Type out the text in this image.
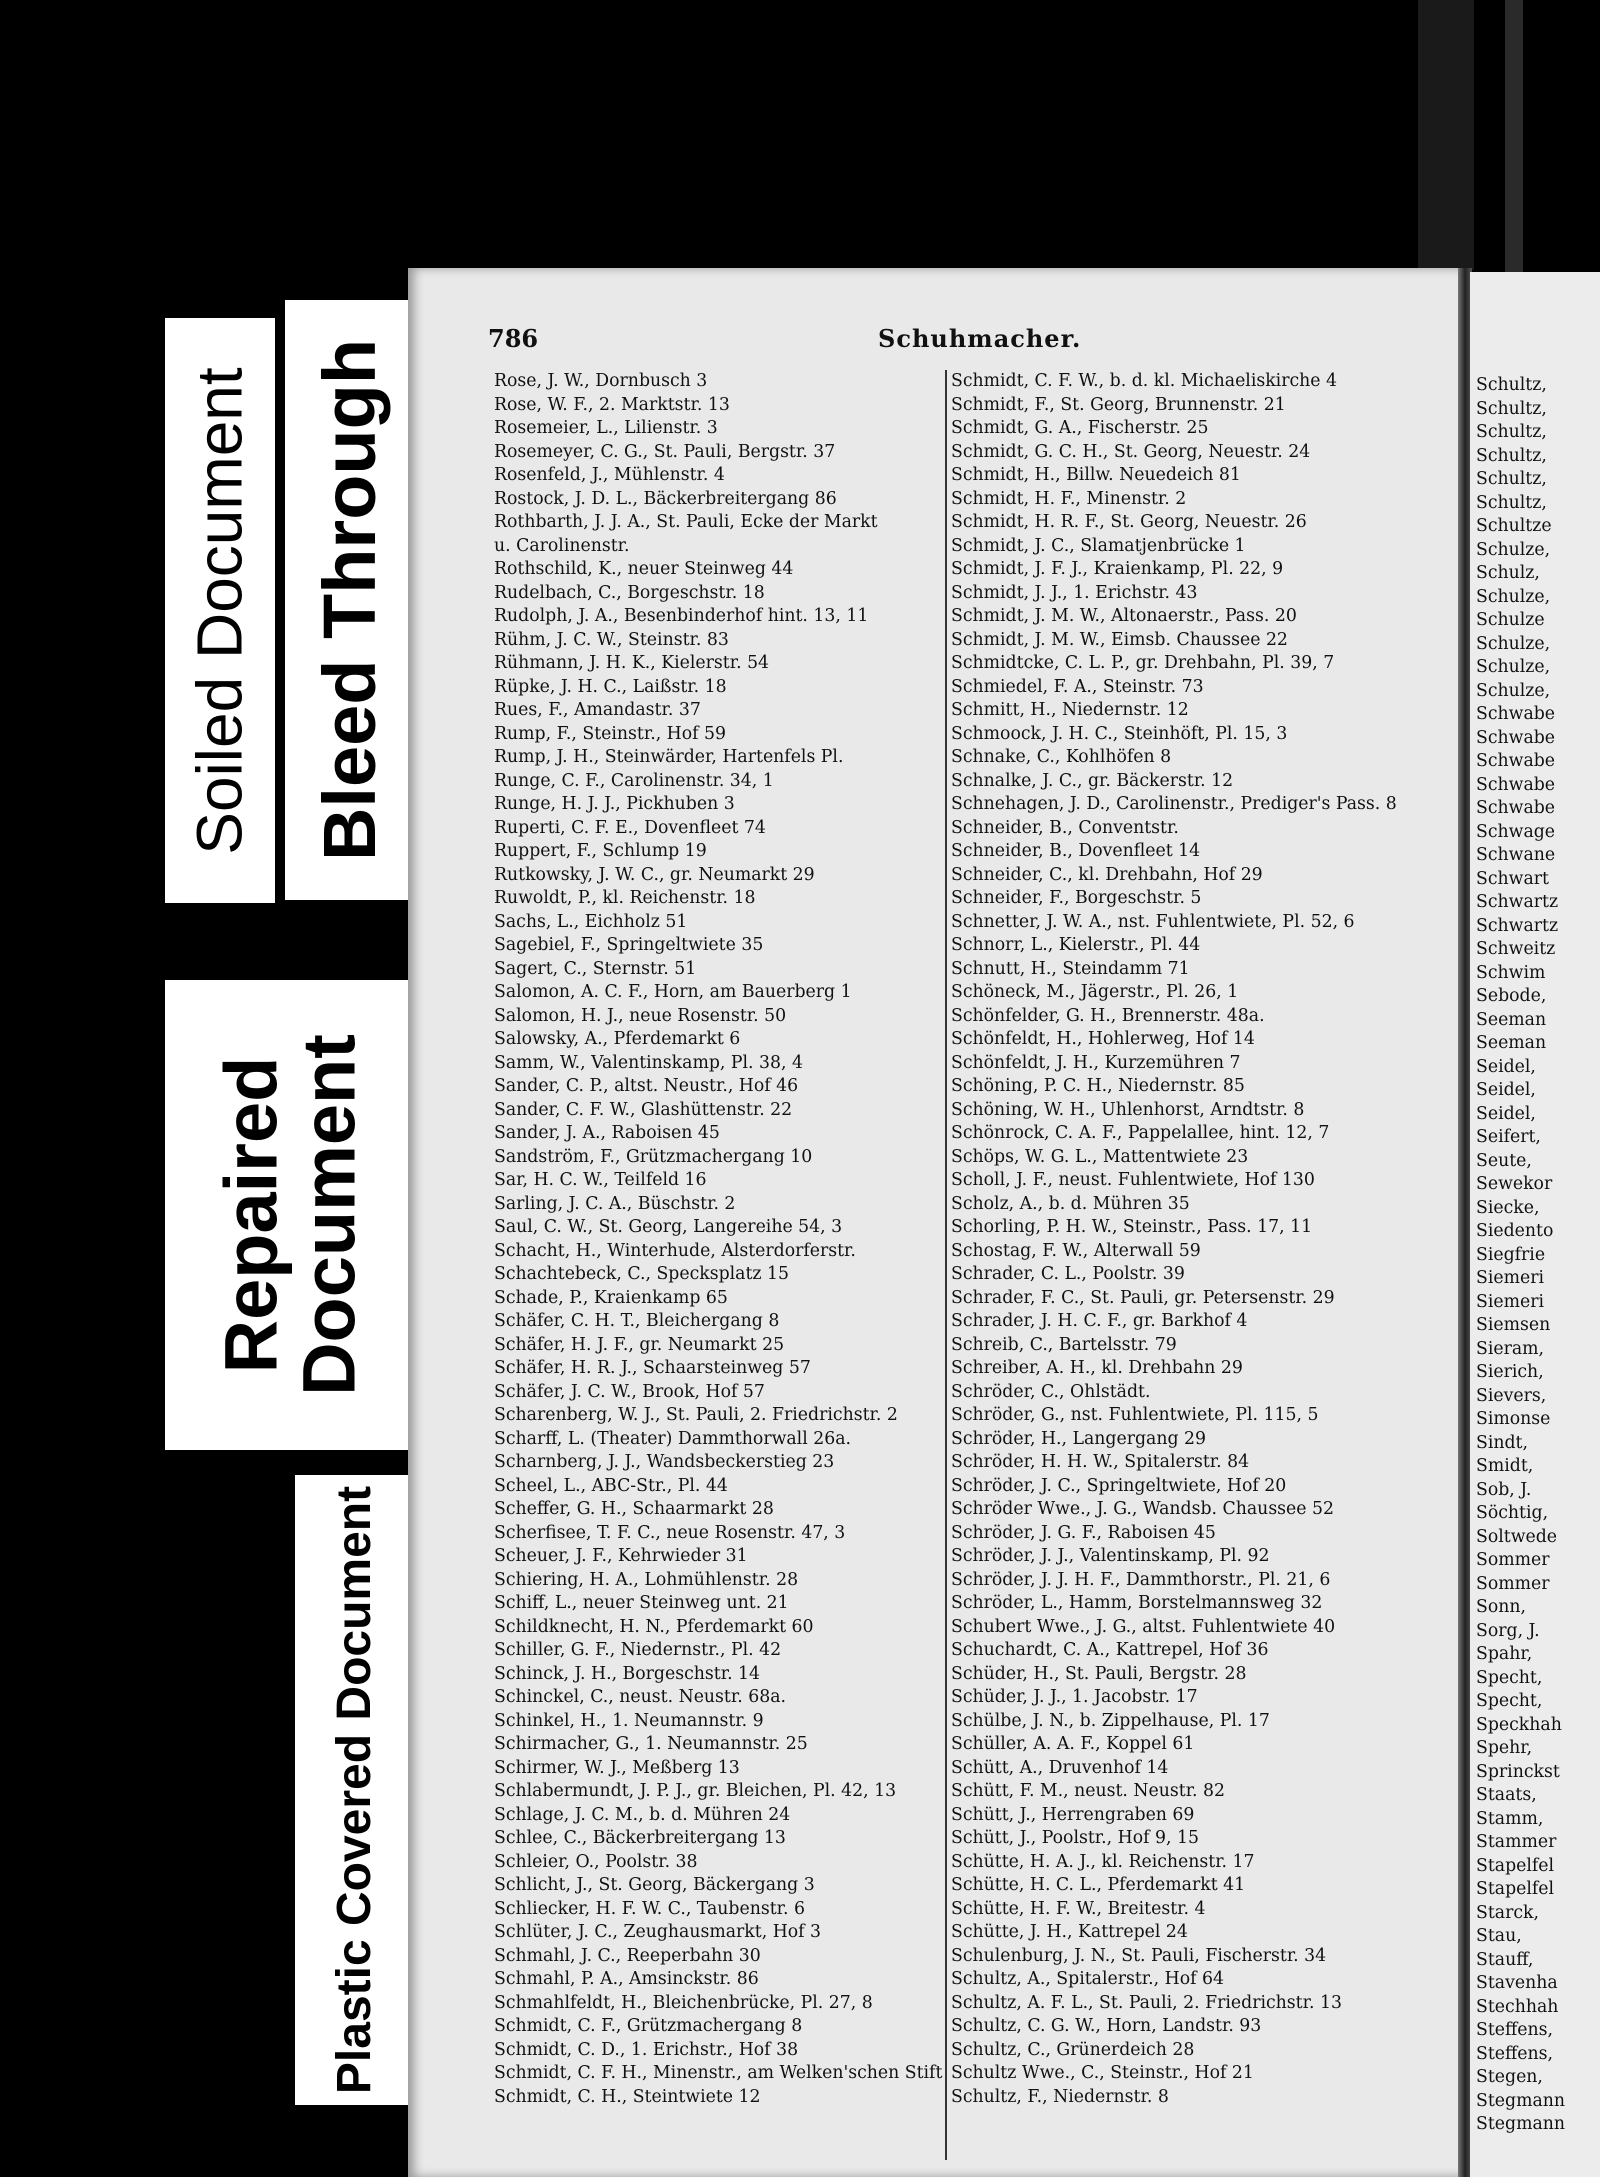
Soiled Document Bleed Through
Repaired
Document
Plastic Covered Document
786	Schuhmacher.
Rose, J. W., Dornbusch 3
Rose, W. F., 2. Marktstr. 13
Rosemeier, L., Lilienstr. 3
Rosemeyer, C. G., St. Pauli, Bergstr. 37
Rosenfeld, J., Mühlenstr. 4
Rostock, J. D. L., Bäckerbreitergang 86
Rothbarth, J. J. A., St. Pauli, Ecke der Markt
u. Carolinenstr.
Rothschild, K., neuer Steinweg 44
Rudelbach, C., Borgeschstr. 18
Rudolph, J. A., Besenbinderhof hint. 13, 11
Rühm, J. C. W., Steinstr. 83
Rühmann, J. H. K., Kielerstr. 54
Rüpke, J. H. C., Laißstr. 18
Rues, F., Amandastr. 37
Rump, F., Steinstr., Hof 59
Rump, J. H., Steinwärder, Hartenfels Pl.
Runge, C. F., Carolinenstr. 34, 1
Runge, H. J. J., Pickhuben 3
Ruperti, C. F. E., Dovenfleet 74
Ruppert, F., Schlump 19
Rutkowsky, J. W. C., gr. Neumarkt 29
Ruwoldt, P., kl. Reichenstr. 18
Sachs, L., Eichholz 51
Sagebiel, F., Springeltwiete 35
Sagert, C., Sternstr. 51
Salomon, A. C. F., Horn, am Bauerberg 1
Salomon, H. J., neue Rosenstr. 50
Salowsky, A., Pferdemarkt 6
Samm, W., Valentinskamp, Pl. 38, 4
Sander, C. P., altst. Neustr., Hof 46
Sander, C. F. W., Glashüttenstr. 22
Sander, J. A., Raboisen 45
Sandström, F., Grützmachergang 10
Sar, H. C. W., Teilfeld 16
Sarling, J. C. A., Büschstr. 2
Saul, C. W., St. Georg, Langereihe 54, 3
Schacht, H., Winterhude, Alsterdorferstr.
Schachtebeck, C., Specksplatz 15
Schade, P., Kraienkamp 65
Schäfer, C. H. T., Bleichergang 8
Schäfer, H. J. F., gr. Neumarkt 25
Schäfer, H. R. J., Schaarsteinweg 57
Schäfer, J. C. W., Brook, Hof 57
Scharenberg, W. J., St. Pauli, 2. Friedrichstr. 2
Scharff, L. (Theater) Dammthorwall 26a.
Scharnberg, J. J., Wandsbeckerstieg 23
Scheel, L., ABC-Str., Pl. 44
Scheffer, G. H., Schaarmarkt 28
Scherfisee, T. F. C., neue Rosenstr. 47, 3
Scheuer, J. F., Kehrwieder 31
Schiering, H. A., Lohmühlenstr. 28
Schiff, L., neuer Steinweg unt. 21
Schildknecht, H. N., Pferdemarkt 60
Schiller, G. F., Niedernstr., Pl. 42
Schinck, J. H., Borgeschstr. 14
Schinckel, C., neust. Neustr. 68a.
Schinkel, H., 1. Neumannstr. 9
Schirmacher, G., 1. Neumannstr. 25
Schirmer, W. J., Meßberg 13
Schlabermundt, J. P. J., gr. Bleichen, Pl. 42, 13
Schlage, J. C. M., b. d. Mühren 24
Schlee, C., Bäckerbreitergang 13
Schleier, O., Poolstr. 38
Schlicht, J., St. Georg, Bäckergang 3
Schliecker, H. F. W. C., Taubenstr. 6
Schlüter, J. C., Zeughausmarkt, Hof 3
Schmahl, J. C., Reeperbahn 30
Schmahl, P. A., Amsinckstr. 86
Schmahlfeldt, H., Bleichenbrücke, Pl. 27, 8
Schmidt, C. F., Grützmachergang 8
Schmidt, C. D., 1. Erichstr., Hof 38
Schmidt, C. F. H., Minenstr., am Welken'schen Stift
Schmidt, C. H., Steintwiete 12
Schmidt, C. F. W., b. d. kl. Michaeliskirche 4
Schmidt, F., St. Georg, Brunnenstr. 21
Schmidt, G. A., Fischerstr. 25
Schmidt, G. C. H., St. Georg, Neuestr. 24
Schmidt, H., Billw. Neuedeich 81
Schmidt, H. F., Minenstr. 2
Schmidt, H. R. F., St. Georg, Neuestr. 26
Schmidt, J. C., Slamatjenbrücke 1
Schmidt, J. F. J., Kraienkamp, Pl. 22, 9
Schmidt, J. J., 1. Erichstr. 43
Schmidt, J. M. W., Altonaerstr., Pass. 20
Schmidt, J. M. W., Eimsb. Chaussee 22
Schmidtcke, C. L. P., gr. Drehbahn, Pl. 39, 7
Schmiedel, F. A., Steinstr. 73
Schmitt, H., Niedernstr. 12
Schmoock, J. H. C., Steinhöft, Pl. 15, 3
Schnake, C., Kohlhöfen 8
Schnalke, J. C., gr. Bäckerstr. 12
Schnehagen, J. D., Carolinenstr., Prediger's Pass. 8
Schneider, B., Conventstr.
Schneider, B., Dovenfleet 14
Schneider, C., kl. Drehbahn, Hof 29
Schneider, F., Borgeschstr. 5
Schnetter, J. W. A., nst. Fuhlentwiete, Pl. 52, 6
Schnorr, L., Kielerstr., Pl. 44
Schnutt, H., Steindamm 71
Schöneck, M., Jägerstr., Pl. 26, 1
Schönfelder, G. H., Brennerstr. 48a.
Schönfeldt, H., Hohlerweg, Hof 14
Schönfeldt, J. H., Kurzemühren 7
Schöning, P. C. H., Niedernstr. 85
Schöning, W. H., Uhlenhorst, Arndtstr. 8
Schönrock, C. A. F., Pappelallee, hint. 12, 7
Schöps, W. G. L., Mattentwiete 23
Scholl, J. F., neust. Fuhlentwiete, Hof 130
Scholz, A., b. d. Mühren 35
Schorling, P. H. W., Steinstr., Pass. 17, 11
Schostag, F. W., Alterwall 59
Schrader, C. L., Poolstr. 39
Schrader, F. C., St. Pauli, gr. Petersenstr. 29
Schrader, J. H. C. F., gr. Barkhof 4
Schreib, C., Bartelsstr. 79
Schreiber, A. H., kl. Drehbahn 29
Schröder, C., Ohlstädt.
Schröder, G., nst. Fuhlentwiete, Pl. 115, 5
Schröder, H., Langergang 29
Schröder, H. H. W., Spitalerstr. 84
Schröder, J. C., Springeltwiete, Hof 20
Schröder Wwe., J. G., Wandsb. Chaussee 52
Schröder, J. G. F., Raboisen 45
Schröder, J. J., Valentinskamp, Pl. 92
Schröder, J. J. H. F., Dammthorstr., Pl. 21, 6
Schröder, L., Hamm, Borstelmannsweg 32
Schubert Wwe., J. G., altst. Fuhlentwiete 40
Schuchardt, C. A., Kattrepel, Hof 36
Schüder, H., St. Pauli, Bergstr. 28
Schüder, J. J., 1. Jacobstr. 17
Schülbe, J. N., b. Zippelhause, Pl. 17
Schüller, A. A. F., Koppel 61
Schütt, A., Druvenhof 14
Schütt, F. M., neust. Neustr. 82
Schütt, J., Herrengraben 69
Schütt, J., Poolstr., Hof 9, 15
Schütte, H. A. J., kl. Reichenstr. 17
Schütte, H. C. L., Pferdemarkt 41
Schütte, H. F. W., Breitestr. 4
Schütte, J. H., Kattrepel 24
Schulenburg, J. N., St. Pauli, Fischerstr. 34
Schultz, A., Spitalerstr., Hof 64
Schultz, A. F. L., St. Pauli, 2. Friedrichstr. 13
Schultz, C. G. W., Horn, Landstr. 93
Schultz, C., Grünerdeich 28
Schultz Wwe., C., Steinstr., Hof 21
Schultz, F., Niedernstr. 8
Schultz,
Schultz,
Schultz,
Schultz,
Schultz,
Schultz,
Schultze
Schulze,
Schulz,
Schulze,
Schulze
Schulze,
Schulze,
Schulze,
Schwabe
Schwabe
Schwabe
Schwabe
Schwabe
Schwage
Schwane
Schwart
Schwartz
Schwartz
Schweitz
Schwim
Sebode,
Seeman
Seeman
Seidel,
Seidel,
Seidel,
Seifert,
Seute,
Sewekor
Siecke,
Siedento
Siegfrie
Siemeri
Siemeri
Siemsen
Sieram,
Sierich,
Sievers,
Simonse
Sindt,
Smidt,
Sob, J.
Söchtig,
Soltwede
Sommer
Sommer
Sonn,
Sorg, J.
Spahr,
Specht,
Specht,
Speckhah
Spehr,
Sprinckst
Staats,
Stamm,
Stammer
Stapelfel
Stapelfel
Starck,
Stau,
Stauff,
Stavenha
Stechhah
Steffens,
Steffens,
Stegen,
Stegmann
Stegmann
